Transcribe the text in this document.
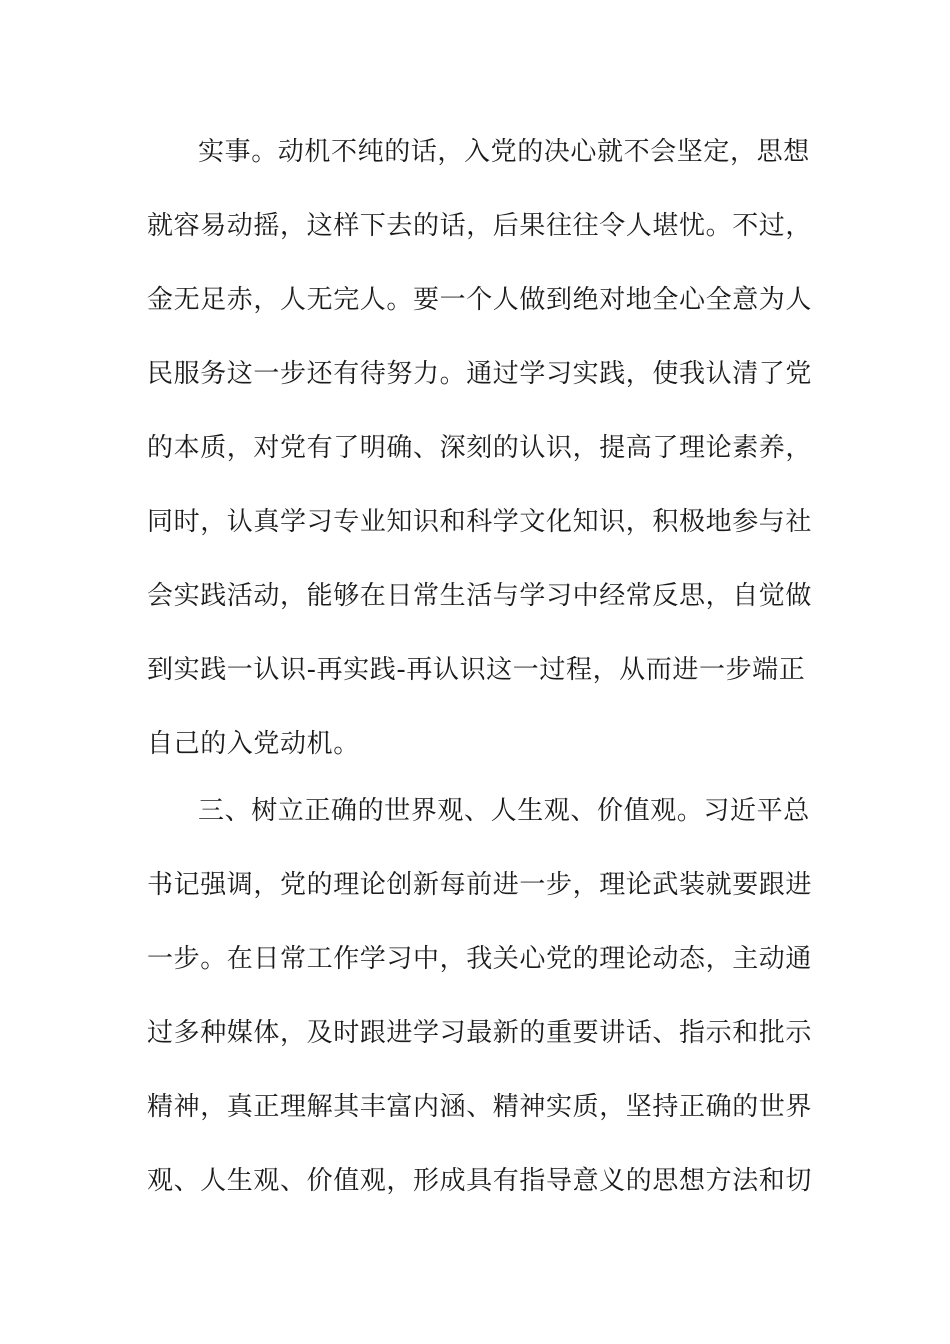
实事。动机不纯的话，入党的决心就不会坚定，思想
就容易动摇，这样下去的话，后果往往令人堪忧。不过，
金无足赤，人无完人。要一个人做到绝对地全心全意为人
民服务这一步还有待努力。通过学习实践，使我认清了党
的本质，对党有了明确、深刻的认识，提高了理论素养，
同时，认真学习专业知识和科学文化知识，积极地参与社
会实践活动，能够在日常生活与学习中经常反思，自觉做
到实践一认识-再实践-再认识这一过程，从而进一步端正
自己的入党动机。
三、树立正确的世界观、人生观、价值观。习近平总
书记强调，党的理论创新每前进一步，理论武装就要跟进
一步。在日常工作学习中，我关心党的理论动态，主动通
过多种媒体，及时跟进学习最新的重要讲话、指示和批示
精神，真正理解其丰富内涵、精神实质，坚持正确的世界
观、人生观、价值观，形成具有指导意义的思想方法和切
